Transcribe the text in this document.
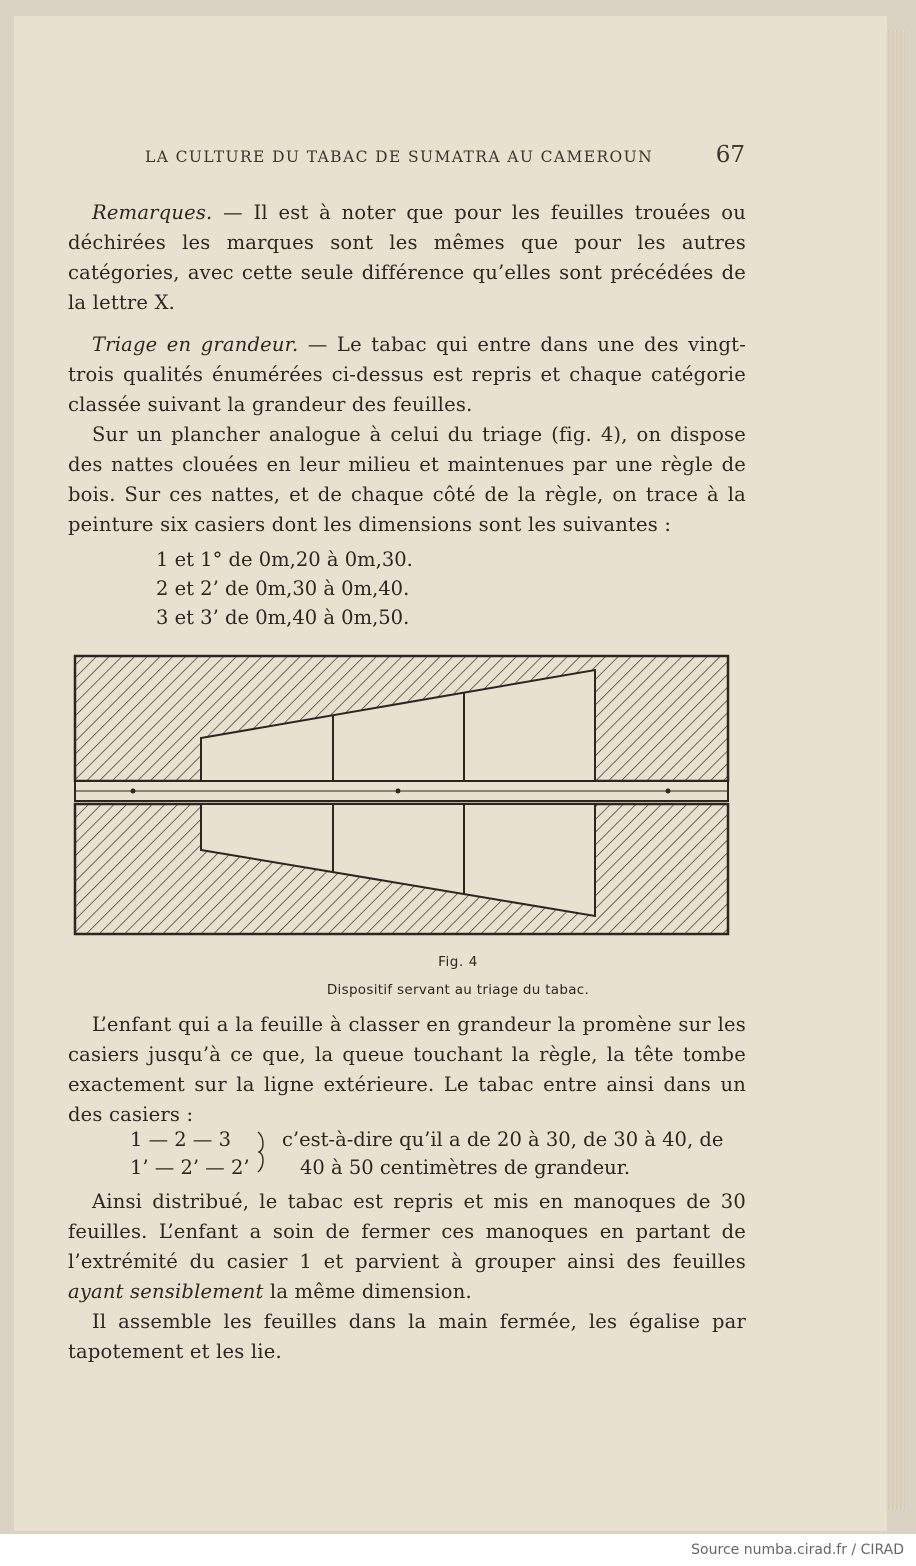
LA CULTURE DU TABAC DE SUMATRA AU CAMEROUN	67

Remarques. — Il est à noter que pour les feuilles trouées ou déchirées les marques sont les mêmes que pour les autres catégories, avec cette seule différence qu’elles sont précédées de la lettre X.

Triage en grandeur. — Le tabac qui entre dans une des vingt-trois qualités énumérées ci-dessus est repris et chaque catégorie classée suivant la grandeur des feuilles.

Sur un plancher analogue à celui du triage (fig. 4), on dispose des nattes clouées en leur milieu et maintenues par une règle de bois. Sur ces nattes, et de chaque côté de la règle, on trace à la peinture six casiers dont les dimensions sont les suivantes :

1 et 1° de 0m,20 à 0m,30.
2 et 2’ de 0m,30 à 0m,40.
3 et 3’ de 0m,40 à 0m,50.
Fig. 4
Dispositif servant au triage du tabac.

L’enfant qui a la feuille à classer en grandeur la promène sur les casiers jusqu’à ce que, la queue touchant la règle, la tête tombe exactement sur la ligne extérieure. Le tabac entre ainsi dans un des casiers :

1 — 2 — 3
1’ — 2’ — 2’
c’est-à-dire qu’il a de 20 à 30, de 30 à 40, de
40 à 50 centimètres de grandeur.

Ainsi distribué, le tabac est repris et mis en manoques de 30 feuilles. L’enfant a soin de fermer ces manoques en partant de l’extrémité du casier 1 et parvient à grouper ainsi des feuilles ayant sensiblement la même dimension.

Il assemble les feuilles dans la main fermée, les égalise par tapotement et les lie.

Source numba.cirad.fr / CIRAD
